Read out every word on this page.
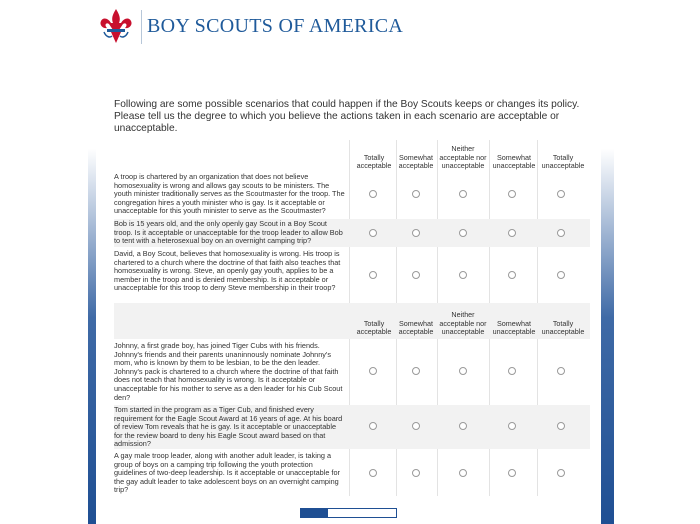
BOY SCOUTS OF AMERICA
Following are some possible scenarios that could happen if the Boy Scouts keeps or changes its policy. Please tell us the degree to which you believe the actions taken in each scenario are acceptable or unacceptable.
Totally acceptable
Somewhat acceptable
Neither acceptable nor unacceptable
Somewhat unacceptable
Totally unacceptable
A troop is chartered by an organization that does not believe homosexuality is wrong and allows gay scouts to be ministers. The youth minister traditionally serves as the Scoutmaster for the troop. The congregation hires a youth minister who is gay. Is it acceptable or unacceptable for this youth minister to serve as the Scoutmaster?
Bob is 15 years old, and the only openly gay Scout in a Boy Scout troop. Is it acceptable or unacceptable for the troop leader to allow Bob to tent with a heterosexual boy on an overnight camping trip?
David, a Boy Scout, believes that homosexuality is wrong. His troop is chartered to a church where the doctrine of that faith also teaches that homosexuality is wrong. Steve, an openly gay youth, applies to be a member in the troop and is denied membership. Is it acceptable or unacceptable for this troop to deny Steve membership in their troop?
Totally acceptable
Somewhat acceptable
Neither acceptable nor unacceptable
Somewhat unacceptable
Totally unacceptable
Johnny, a first grade boy, has joined Tiger Cubs with his friends. Johnny's friends and their parents unaninnously nominate Johnny's mom, who is known by them to be lesbian, to be the den leader. Johnny's pack is chartered to a church where the doctrine of that faith does not teach that homosexuality is wrong. Is it acceptable or unacceptable for his mother to serve as a den leader for his Cub Scout den?
Tom started in the program as a Tiger Cub, and finished every requirement for the Eagle Scout Award at 16 years of age. At his board of review Tom reveals that he is gay. Is it acceptable or unacceptable for the review board to deny his Eagle Scout award based on that admission?
A gay male troop leader, along with another adult leader, is taking a group of boys on a camping trip following the youth protection guidelines of two-deep leadership. Is it acceptable or unacceptable for the gay adult leader to take adolescent boys on an overnight camping trip?
